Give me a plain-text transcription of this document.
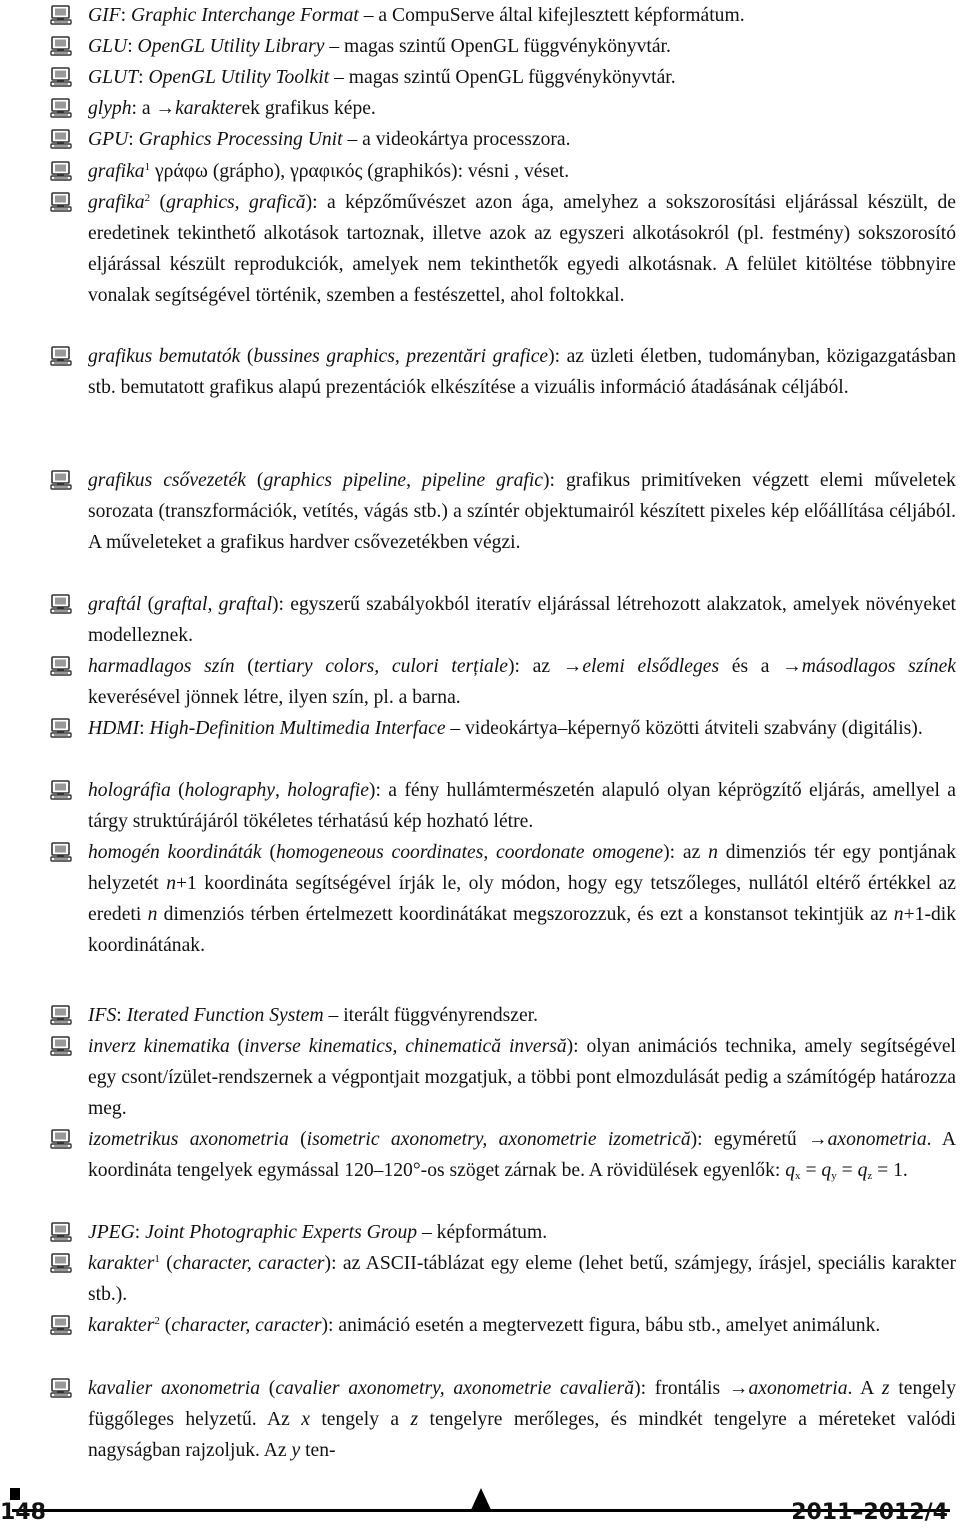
GIF: Graphic Interchange Format – a CompuServe által kifejlesztett képformátum.
GLU: OpenGL Utility Library – magas szintű OpenGL függvénykönyvtár.
GLUT: OpenGL Utility Toolkit – magas szintű OpenGL függvénykönyvtár.
glyph: a →karakterek grafikus képe.
GPU: Graphics Processing Unit – a videokártya processzora.
grafika$^1$ γράφω (grápho), γραφικός (graphikós): vésni , véset.
grafika$^2$ (graphics, grafică): a képzőművészet azon ága, amelyhez a sokszorosítási eljárással készült, de eredetinek tekinthető alkotások tartoznak, illetve azok az egyszeri alkotásokról (pl. festmény) sokszorosító eljárással készült reprodukciók, amelyek nem tekinthetők egyedi alkotásnak. A felület kitöltése többnyire vonalak segítségével történik, szemben a festészettel, ahol foltokkal.
grafikus bemutatók (bussines graphics, prezentări grafice): az üzleti életben, tudományban, közigazgatásban stb. bemutatott grafikus alapú prezentációk elkészítése a vizuális információ átadásának céljából.
grafikus csővezeték (graphics pipeline, pipeline grafic): grafikus primitíveken végzett elemi műveletek sorozata (transzformációk, vetítés, vágás stb.) a színtér objektumairól készített pixeles kép előállítása céljából. A műveleteket a grafikus hardver csővezetékben végzi.
graftál (graftal, graftal): egyszerű szabályokból iteratív eljárással létrehozott alakzatok, amelyek növényeket modelleznek.
harmadlagos szín (tertiary colors, culori terțiale): az →elemi elsődleges és a →másodlagos színek keverésével jönnek létre, ilyen szín, pl. a barna.
HDMI: High-Definition Multimedia Interface – videokártya–képernyő közötti átviteli szabvány (digitális).
holográfia (holography, holografie): a fény hullámtermészetén alapuló olyan képrögzítő eljárás, amellyel a tárgy struktúrájáról tökéletes térhatású kép hozható létre.
homogén koordináták (homogeneous coordinates, coordonate omogene): az n dimenziós tér egy pontjának helyzetét n+1 koordináta segítségével írják le, oly módon, hogy egy tetszőleges, nullától eltérő értékkel az eredeti n dimenziós térben értelmezett koordinátákat megszorozzuk, és ezt a konstansot tekintjük az n+1-dik koordinátának.
IFS: Iterated Function System – iterált függvényrendszer.
inverz kinematika (inverse kinematics, chinematică inversă): olyan animációs technika, amely segítségével egy csont/ízület-rendszernek a végpontjait mozgatjuk, a többi pont elmozdulását pedig a számítógép határozza meg.
izometrikus axonometria (isometric axonometry, axonometrie izometrică): egyméretű →axonometria. A koordináta tengelyek egymással 120–120°-os szöget zárnak be. A rövidülések egyenlők: $q_x = q_y = q_z = 1$.
JPEG: Joint Photographic Experts Group – képformátum.
karakter$^1$ (character, caracter): az ASCII-táblázat egy eleme (lehet betű, számjegy, írásjel, speciális karakter stb.).
karakter$^2$ (character, caracter): animáció esetén a megtervezett figura, bábu stb., amelyet animálunk.
kavalier axonometria (cavalier axonometry, axonometrie cavalieră): frontális →axonometria. A z tengely függőleges helyzetű. Az x tengely a z tengelyre merőleges, és mindkét tengelyre a méreteket valódi nagyságban rajzoljuk. Az y ten-
148	2011–2012/4
